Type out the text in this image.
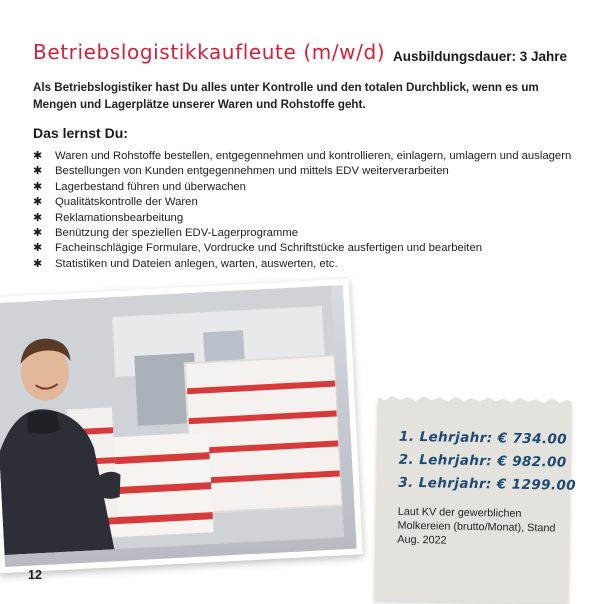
Betriebslogistikkaufleute (m/w/d) Ausbildungsdauer: 3 Jahre
Als Betriebslogistiker hast Du alles unter Kontrolle und den totalen Durchblick, wenn es um Mengen und Lagerplätze unserer Waren und Rohstoffe geht.
Das lernst Du:
✱ Waren und Rohstoffe bestellen, entgegennehmen und kontrollieren, einlagern, umlagern und auslagern
✱ Bestellungen von Kunden entgegennehmen und mittels EDV weiterverarbeiten
✱ Lagerbestand führen und überwachen
✱ Qualitätskontrolle der Waren
✱ Reklamationsbearbeitung
✱ Benützung der speziellen EDV-Lagerprogramme
✱ Facheinschlägige Formulare, Vordrucke und Schriftstücke ausfertigen und bearbeiten
✱ Statistiken und Dateien anlegen, warten, auswerten, etc.
1. Lehrjahr: € 734.00
2. Lehrjahr: € 982.00
3. Lehrjahr: € 1299.00
Laut KV der gewerblichen Molkereien (brutto/Monat), Stand Aug. 2022
12
